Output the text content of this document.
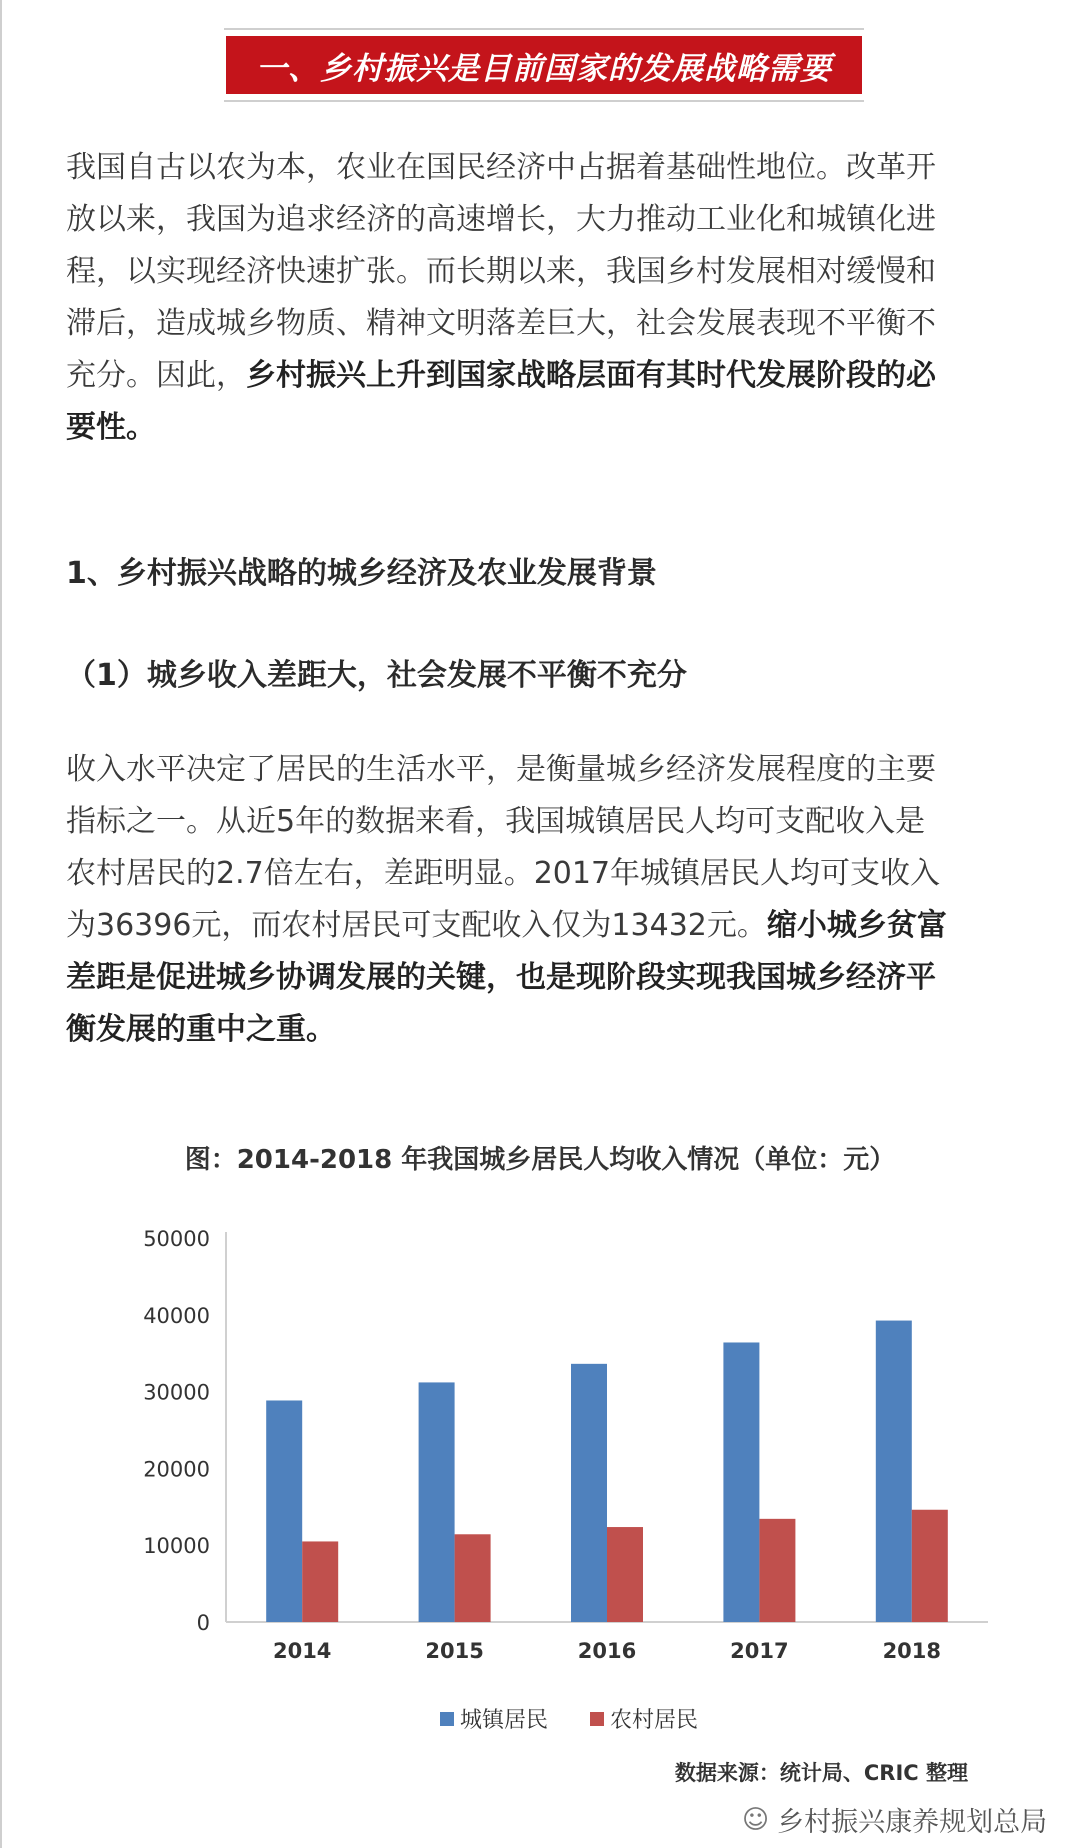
一、乡村振兴是目前国家的发展战略需要

我国自古以农为本，农业在国民经济中占据着基础性地位。改革开
放以来，我国为追求经济的高速增长，大力推动工业化和城镇化进
程，以实现经济快速扩张。而长期以来，我国乡村发展相对缓慢和
滞后，造成城乡物质、精神文明落差巨大，社会发展表现不平衡不
充分。因此，乡村振兴上升到国家战略层面有其时代发展阶段的必
要性。

1、乡村振兴战略的城乡经济及农业发展背景
（1）城乡收入差距大，社会发展不平衡不充分

收入水平决定了居民的生活水平，是衡量城乡经济发展程度的主要
指标之一。从近5年的数据来看，我国城镇居民人均可支配收入是
农村居民的2.7倍左右，差距明显。2017年城镇居民人均可支收入
为36396元，而农村居民可支配收入仅为13432元。缩小城乡贫富
差距是促进城乡协调发展的关键，也是现阶段实现我国城乡经济平
衡发展的重中之重。

图：2014-2018 年我国城乡居民人均收入情况（单位：元）
0
10000
20000
30000
40000
50000
2014	2015	2016	2017	2018
城镇居民	农村居民
数据来源：统计局、CRIC 整理
☺ 乡村振兴康养规划总局
